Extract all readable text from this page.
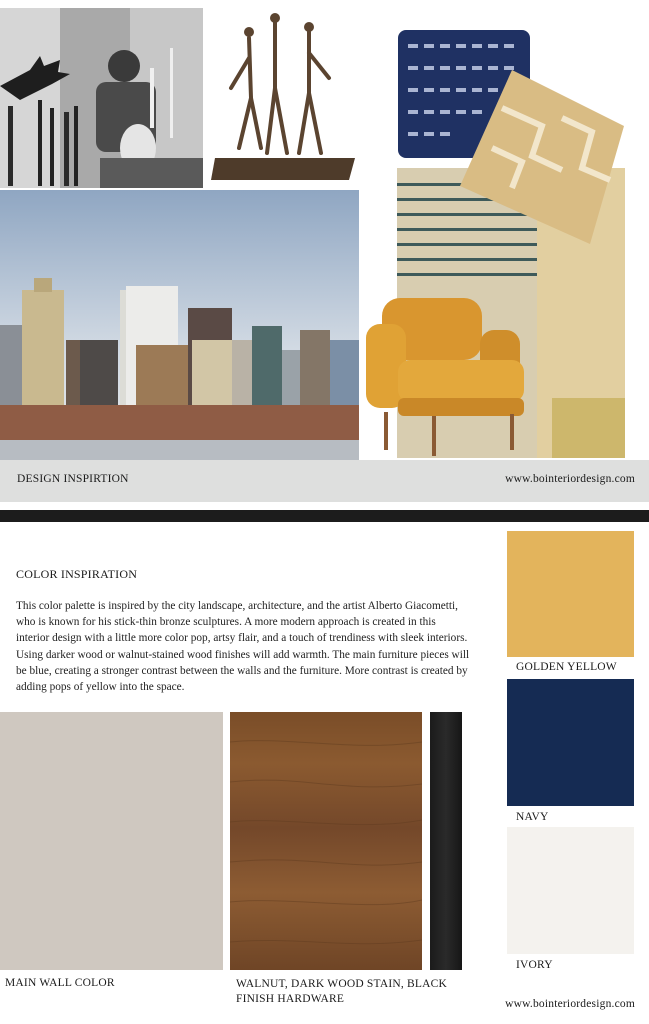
DESIGN INSPIRTION	www.bointeriordesign.com
COLOR INSPIRATION
This color palette is inspired by the city landscape, architecture, and the artist Alberto Giacometti, who is known for his stick-thin bronze sculptures. A more modern approach is created in this interior design with a little more color pop, artsy flair, and a touch of trendiness with sleek interiors. Using darker wood or walnut-stained wood finishes will add warmth. The main furniture pieces will be blue, creating a stronger contrast between the walls and the furniture. More contrast is created by adding pops of yellow into the space.
GOLDEN YELLOW
NAVY
IVORY
MAIN WALL COLOR	WALNUT, DARK WOOD STAIN, BLACK FINISH HARDWARE	www.bointeriordesign.com
